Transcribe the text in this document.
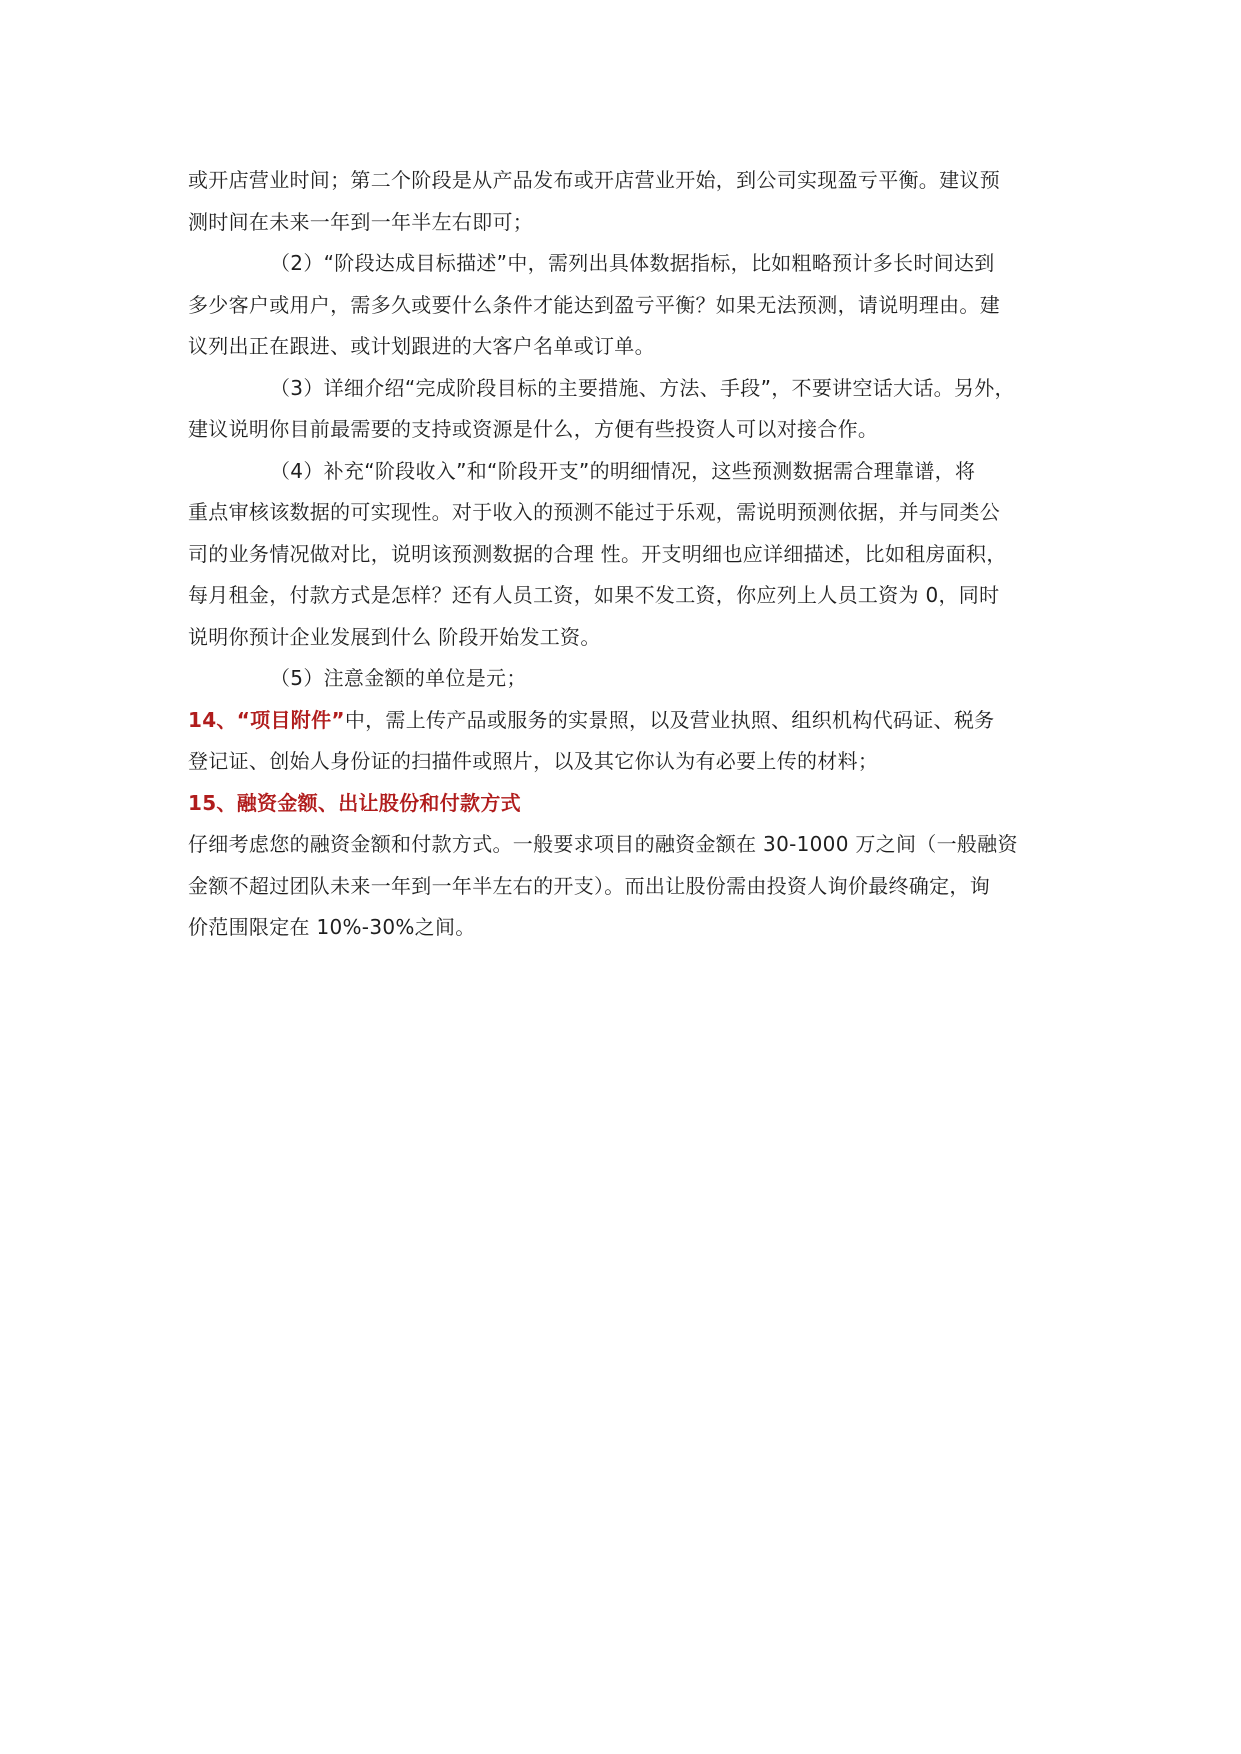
或开店营业时间；第二个阶段是从产品发布或开店营业开始，到公司实现盈亏平衡。建议预
测时间在未来一年到一年半左右即可；
（2）“阶段达成目标描述”中，需列出具体数据指标，比如粗略预计多长时间达到
多少客户或用户，需多久或要什么条件才能达到盈亏平衡？如果无法预测，请说明理由。建
议列出正在跟进、或计划跟进的大客户名单或订单。
（3）详细介绍“完成阶段目标的主要措施、方法、手段”，不要讲空话大话。另外，
建议说明你目前最需要的支持或资源是什么，方便有些投资人可以对接合作。
（4）补充“阶段收入”和“阶段开支”的明细情况，这些预测数据需合理靠谱，将
重点审核该数据的可实现性。对于收入的预测不能过于乐观，需说明预测依据，并与同类公
司的业务情况做对比，说明该预测数据的合理 性。开支明细也应详细描述，比如租房面积，
每月租金，付款方式是怎样？还有人员工资，如果不发工资，你应列上人员工资为 0，同时
说明你预计企业发展到什么 阶段开始发工资。
（5）注意金额的单位是元；
14、“项目附件”中，需上传产品或服务的实景照，以及营业执照、组织机构代码证、税务
登记证、创始人身份证的扫描件或照片，以及其它你认为有必要上传的材料；
15、融资金额、出让股份和付款方式
仔细考虑您的融资金额和付款方式。一般要求项目的融资金额在 30-1000 万之间（一般融资
金额不超过团队未来一年到一年半左右的开支）。而出让股份需由投资人询价最终确定，询
价范围限定在 10%-30%之间。
